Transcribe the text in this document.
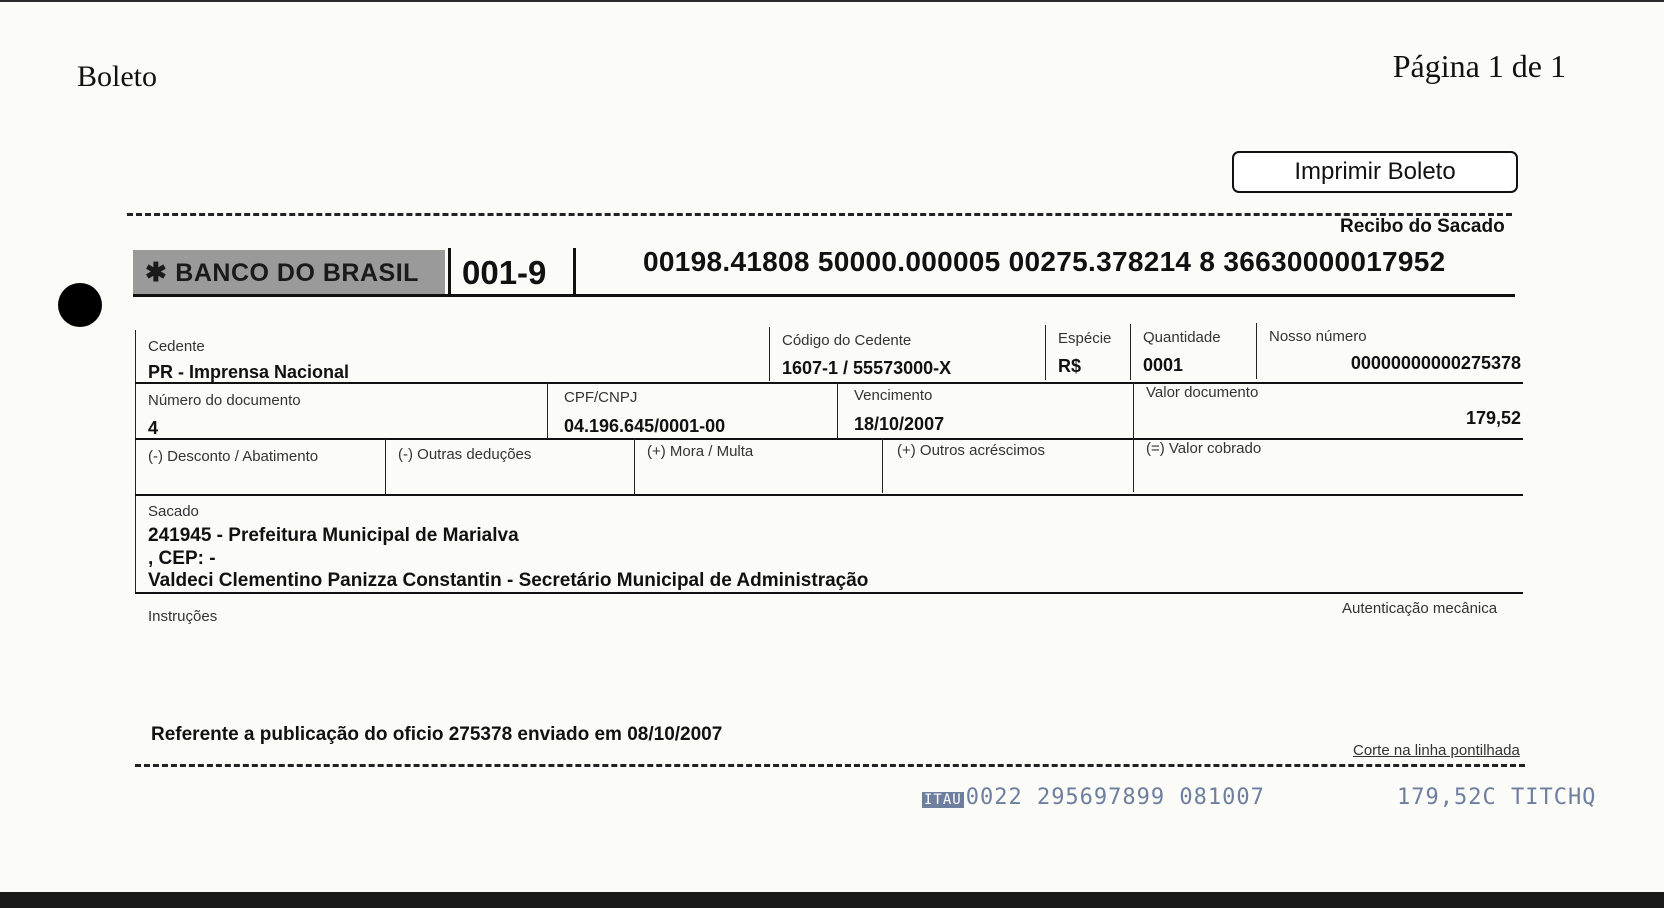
Boleto	Página 1 de 1
Imprimir Boleto
Recibo do Sacado
✱ BANCO DO BRASIL	001-9	00198.41808 50000.000005 00275.378214 8 36630000017952
Cedente
PR - Imprensa Nacional
Código do Cedente
1607-1 / 55573000-X
Espécie
R$
Quantidade
0001
Nosso número
00000000000275378
Número do documento
4
CPF/CNPJ
04.196.645/0001-00
Vencimento
18/10/2007
Valor documento
179,52
(-) Desconto / Abatimento	(-) Outras deduções	(+) Mora / Multa	(+) Outros acréscimos	(=) Valor cobrado
Sacado
241945 - Prefeitura Municipal de Marialva
, CEP: -
Valdeci Clementino Panizza Constantin - Secretário Municipal de Administração
Instruções	Autenticação mecânica
Referente a publicação do oficio 275378 enviado em 08/10/2007
Corte na linha pontilhada
ITAU 0022 295697899 081007	179,52C TITCHQ
